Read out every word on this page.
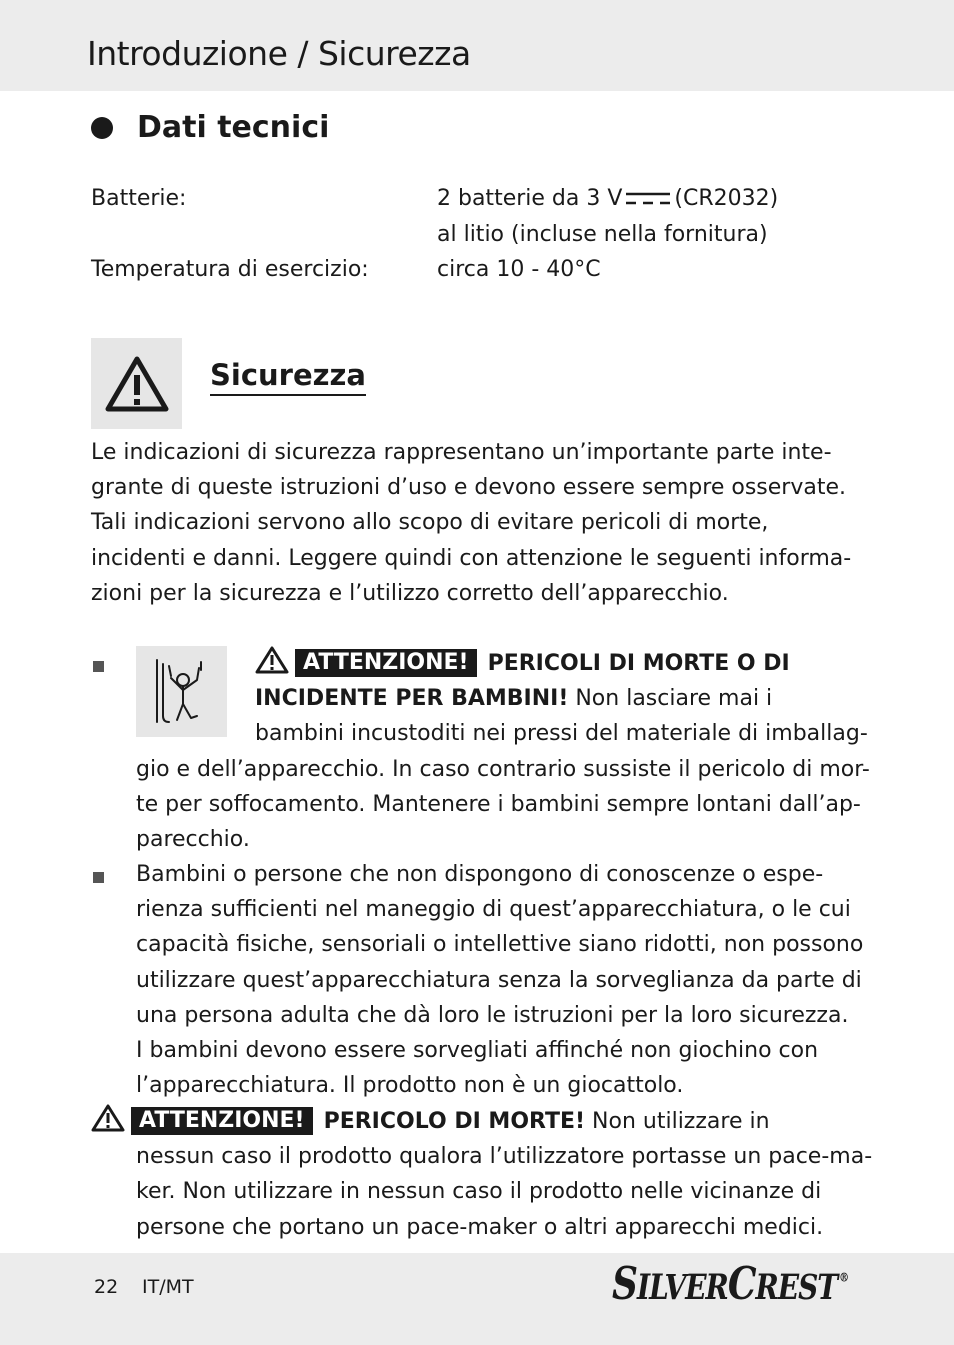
Introduzione / Sicurezza
Dati tecnici
Batterie:	2 batterie da 3 V (CR2032)
al litio (incluse nella fornitura)
Temperatura di esercizio:	circa 10 - 40°C
Sicurezza
Le indicazioni di sicurezza rappresentano un’importante parte inte-
grante di queste istruzioni d’uso e devono essere sempre osservate.
Tali indicazioni servono allo scopo di evitare pericoli di morte,
incidenti e danni. Leggere quindi con attenzione le seguenti informa-
zioni per la sicurezza e l’utilizzo corretto dell’apparecchio.
ATTENZIONE! PERICOLI DI MORTE O DI
INCIDENTE PER BAMBINI! Non lasciare mai i
bambini incustoditi nei pressi del materiale di imballag-
gio e dell’apparecchio. In caso contrario sussiste il pericolo di mor-
te per soffocamento. Mantenere i bambini sempre lontani dall’ap-
parecchio.
Bambini o persone che non dispongono di conoscenze o espe-
rienza sufficienti nel maneggio di quest’apparecchiatura, o le cui
capacità fisiche, sensoriali o intellettive siano ridotti, non possono
utilizzare quest’apparecchiatura senza la sorveglianza da parte di
una persona adulta che dà loro le istruzioni per la loro sicurezza.
I bambini devono essere sorvegliati affinché non giochino con
l’apparecchiatura. Il prodotto non è un giocattolo.
ATTENZIONE! PERICOLO DI MORTE! Non utilizzare in
nessun caso il prodotto qualora l’utilizzatore portasse un pace-ma-
ker. Non utilizzare in nessun caso il prodotto nelle vicinanze di
persone che portano un pace-maker o altri apparecchi medici.
22 IT/MT	SILVERCREST ®
